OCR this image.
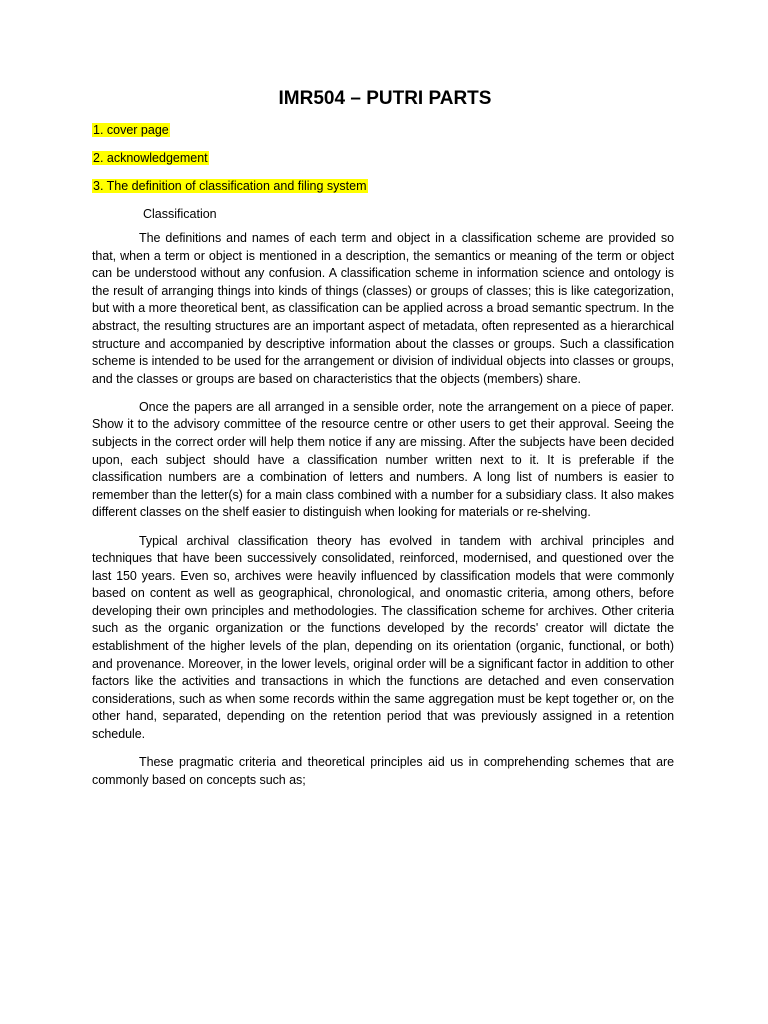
IMR504 – PUTRI PARTS

1. cover page

2. acknowledgement

3. The definition of classification and filing system

Classification

The definitions and names of each term and object in a classification scheme are provided so that, when a term or object is mentioned in a description, the semantics or meaning of the term or object can be understood without any confusion. A classification scheme in information science and ontology is the result of arranging things into kinds of things (classes) or groups of classes; this is like categorization, but with a more theoretical bent, as classification can be applied across a broad semantic spectrum. In the abstract, the resulting structures are an important aspect of metadata, often represented as a hierarchical structure and accompanied by descriptive information about the classes or groups. Such a classification scheme is intended to be used for the arrangement or division of individual objects into classes or groups, and the classes or groups are based on characteristics that the objects (members) share.

Once the papers are all arranged in a sensible order, note the arrangement on a piece of paper. Show it to the advisory committee of the resource centre or other users to get their approval. Seeing the subjects in the correct order will help them notice if any are missing. After the subjects have been decided upon, each subject should have a classification number written next to it. It is preferable if the classification numbers are a combination of letters and numbers. A long list of numbers is easier to remember than the letter(s) for a main class combined with a number for a subsidiary class. It also makes different classes on the shelf easier to distinguish when looking for materials or re-shelving.

Typical archival classification theory has evolved in tandem with archival principles and techniques that have been successively consolidated, reinforced, modernised, and questioned over the last 150 years. Even so, archives were heavily influenced by classification models that were commonly based on content as well as geographical, chronological, and onomastic criteria, among others, before developing their own principles and methodologies. The classification scheme for archives. Other criteria such as the organic organization or the functions developed by the records' creator will dictate the establishment of the higher levels of the plan, depending on its orientation (organic, functional, or both) and provenance. Moreover, in the lower levels, original order will be a significant factor in addition to other factors like the activities and transactions in which the functions are detached and even conservation considerations, such as when some records within the same aggregation must be kept together or, on the other hand, separated, depending on the retention period that was previously assigned in a retention schedule.

These pragmatic criteria and theoretical principles aid us in comprehending schemes that are commonly based on concepts such as;
